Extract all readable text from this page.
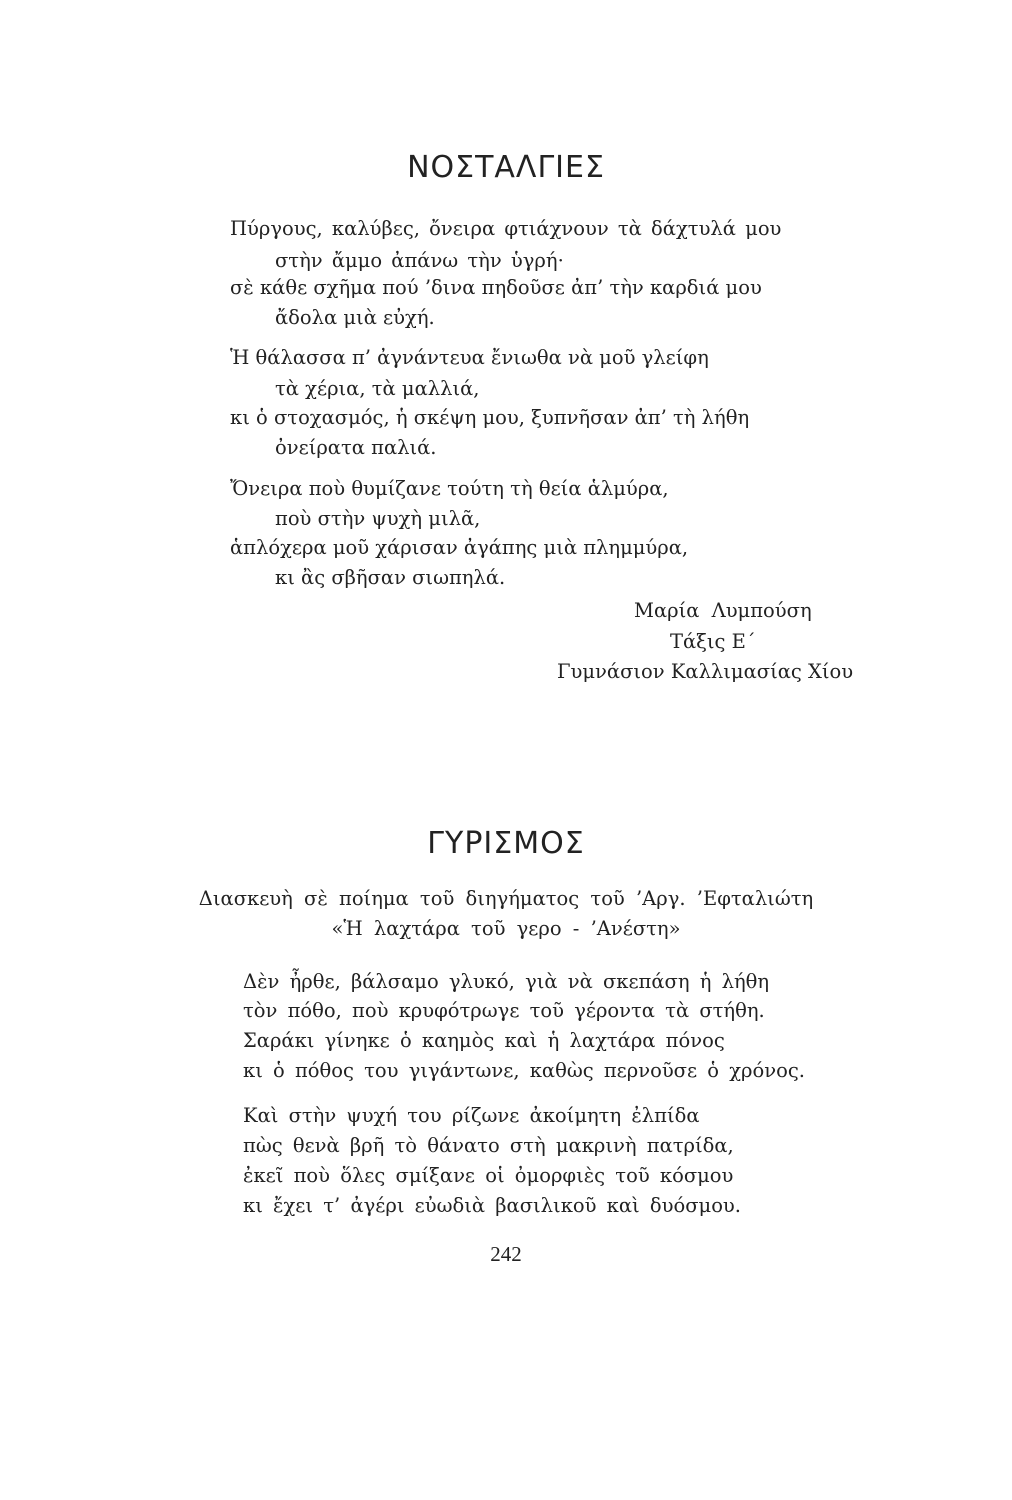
ΝΟΣΤΑΛΓΙΕΣ
Πύργους, καλύβες, ὄνειρα φτιάχνουν τὰ δάχτυλά μου
στὴν ἄμμο ἀπάνω τὴν ὑγρή·
σὲ κάθε σχῆμα πού ’δινα πηδοῦσε ἀπ’ τὴν καρδιά μου
ἄδολα μιὰ εὐχή.
Ἡ θάλασσα π’ ἀγνάντευα ἔνιωθα νὰ μοῦ γλείφη
τὰ χέρια, τὰ μαλλιά,
κι ὁ στοχασμός, ἡ σκέψη μου, ξυπνῆσαν ἀπ’ τὴ λήθη
ὀνείρατα παλιά.
Ὄνειρα ποὺ θυμίζανε τούτη τὴ θεία ἁλμύρα,
ποὺ στὴν ψυχὴ μιλᾶ,
ἁπλόχερα μοῦ χάρισαν ἀγάπης μιὰ πλημμύρα,
κι ἂς σβῆσαν σιωπηλά.
Μαρία Λυμπούση
Τάξις Ε΄
Γυμνάσιον Καλλιμασίας Χίου
ΓΥΡΙΣΜΟΣ
Διασκευὴ σὲ ποίημα τοῦ διηγήματος τοῦ ’Αργ. ’Εφταλιώτη
«Ἡ λαχτάρα τοῦ γερο - ’Ανέστη»
Δὲν ἦρθε, βάλσαμο γλυκό, γιὰ νὰ σκεπάση ἡ λήθη
τὸν πόθο, ποὺ κρυφότρωγε τοῦ γέροντα τὰ στήθη.
Σαράκι γίνηκε ὁ καημὸς καὶ ἡ λαχτάρα πόνος
κι ὁ πόθος του γιγάντωνε, καθὼς περνοῦσε ὁ χρόνος.
Καὶ στὴν ψυχή του ρίζωνε ἀκοίμητη ἐλπίδα
πὼς θενὰ βρῆ τὸ θάνατο στὴ μακρινὴ πατρίδα,
ἐκεῖ ποὺ ὅλες σμίξανε οἱ ὀμορφιὲς τοῦ κόσμου
κι ἔχει τ’ ἀγέρι εὐωδιὰ βασιλικοῦ καὶ δυόσμου.
242
